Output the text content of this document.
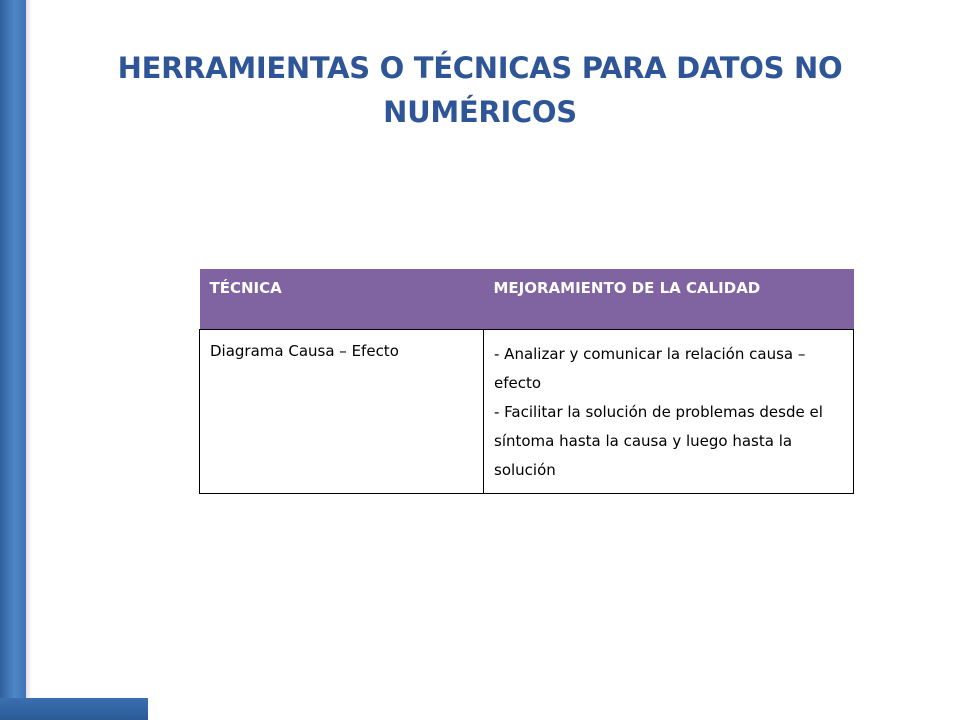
HERRAMIENTAS O TÉCNICAS PARA DATOS NO NUMÉRICOS
TÉCNICA	MEJORAMIENTO DE LA CALIDAD
Diagrama Causa – Efecto	- Analizar y comunicar la relación causa – efecto
- Facilitar la solución de problemas desde el síntoma hasta la causa y luego hasta la solución
